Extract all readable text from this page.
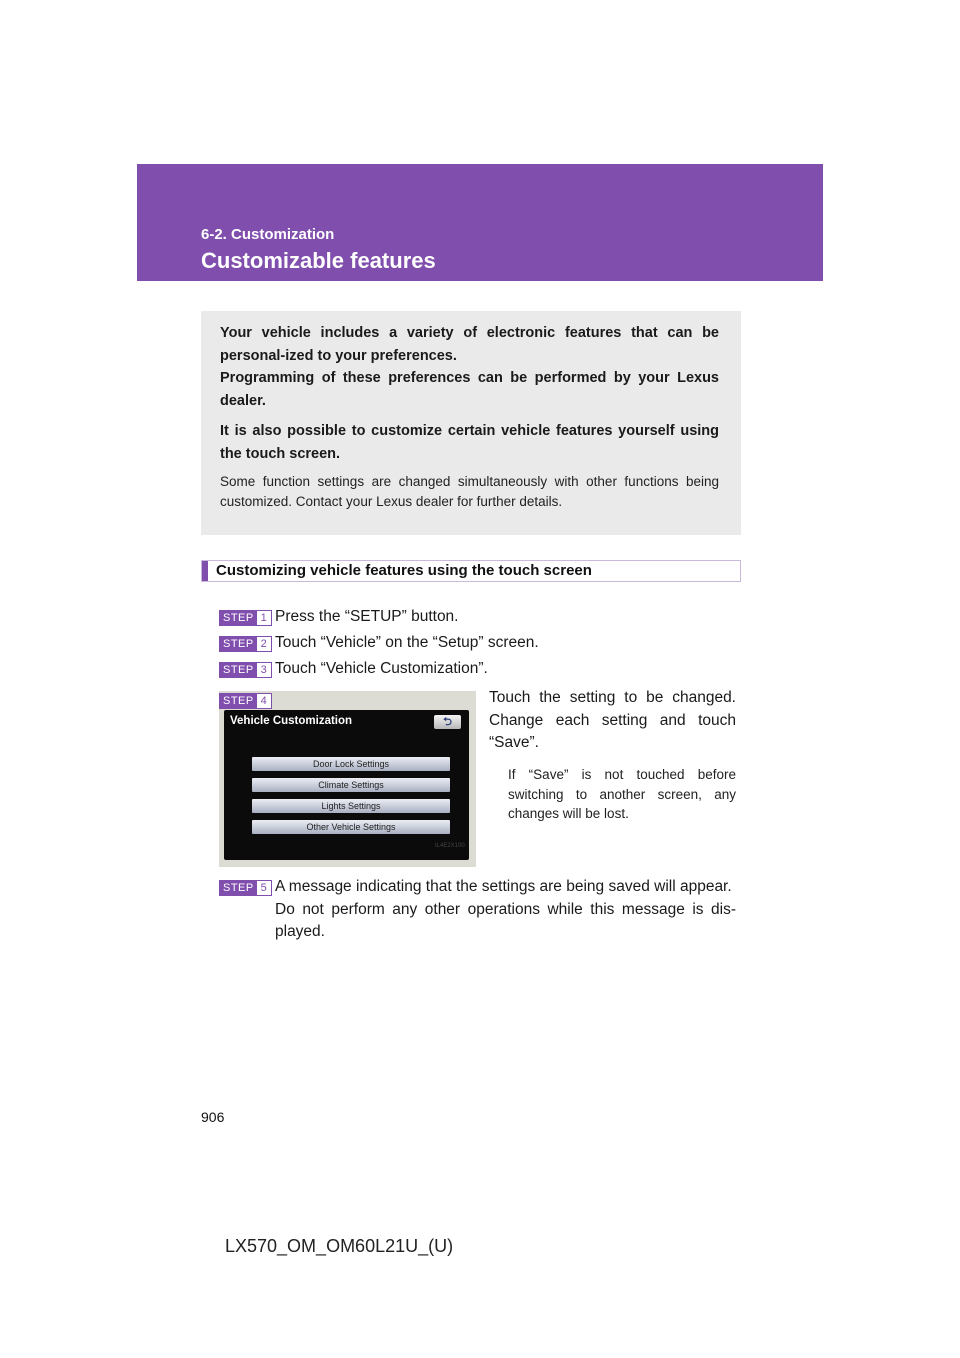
6-2. Customization
Customizable features

Your vehicle includes a variety of electronic features that can be personal-ized to your preferences.

Programming of these preferences can be performed by your Lexus dealer.

It is also possible to customize certain vehicle features yourself using the touch screen.

Some function settings are changed simultaneously with other functions being customized. Contact your Lexus dealer for further details.

Customizing vehicle features using the touch screen
STEP 1 Press the “SETUP” button.
STEP 2 Touch “Vehicle” on the “Setup” screen.
STEP 3 Touch “Vehicle Customization”.
Vehicle Customization	⮌
Door Lock Settings
Climate Settings
Lights Settings
Other Vehicle Settings
IL4E2X100
STEP 4	Touch the setting to be changed. Change each setting and touch “Save”.
If “Save” is not touched before switching to another screen, any changes will be lost.
STEP 5 A message indicating that the settings are being saved will appear.

Do not perform any other operations while this message is dis-played.

906
LX570_OM_OM60L21U_(U)
